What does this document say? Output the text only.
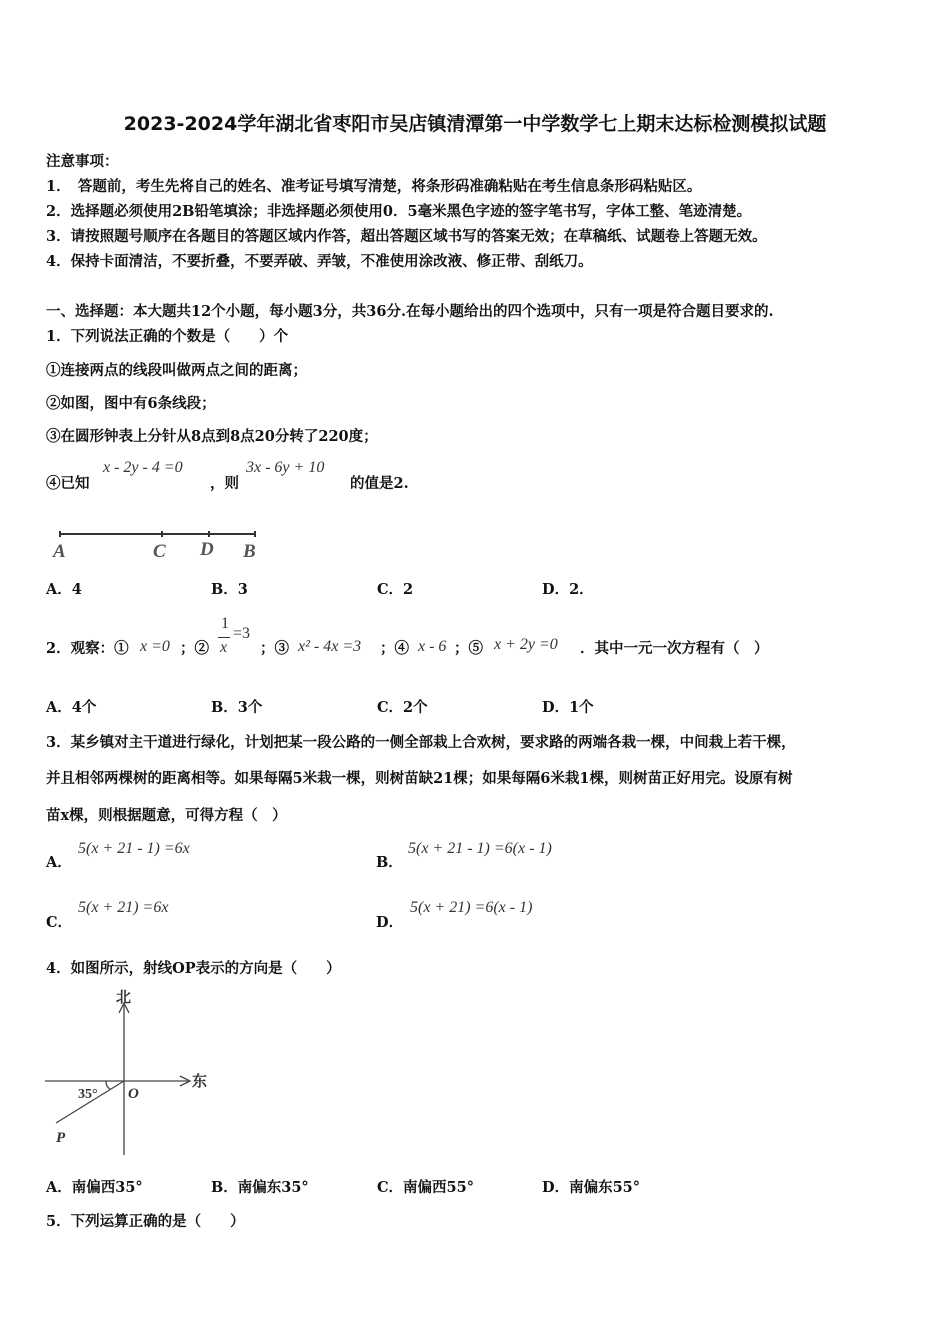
2023-2024学年湖北省枣阳市吴店镇清潭第一中学数学七上期末达标检测模拟试题
注意事项：
1．　答题前，考生先将自己的姓名、准考证号填写清楚，将条形码准确粘贴在考生信息条形码粘贴区。
2．选择题必须使用2B铅笔填涂；非选择题必须使用0．5毫米黑色字迹的签字笔书写，字体工整、笔迹清楚。
3．请按照题号顺序在各题目的答题区域内作答，超出答题区域书写的答案无效；在草稿纸、试题卷上答题无效。
4．保持卡面清洁，不要折叠，不要弄破、弄皱，不准使用涂改液、修正带、刮纸刀。
一、选择题：本大题共12个小题，每小题3分，共36分.在每小题给出的四个选项中，只有一项是符合题目要求的.
1．下列说法正确的个数是（　　）个
①连接两点的线段叫做两点之间的距离；
②如图，图中有6条线段；
③在圆形钟表上分针从8点到8点20分转了220度；
④已知
x - 2y - 4 =0
，则
3x - 6y + 10
的值是2.
A	C D B
A．4	B．3	C．2	D．2．
2．观察：① x =0 ；②
1
x
=3
；③ x² - 4x =3 ；④ x - 6 ；⑤ x + 2y =0 ．其中一元一次方程有（　）
A．4个	B．3个	C．2个	D．1个
3．某乡镇对主干道进行绿化，计划把某一段公路的一侧全部栽上合欢树，要求路的两端各栽一棵，中间栽上若干棵，
并且相邻两棵树的距离相等。如果每隔5米栽一棵，则树苗缺21棵；如果每隔6米栽1棵，则树苗正好用完。设原有树
苗x棵，则根据题意，可得方程（　）
A．
5(x + 21 - 1) =6x
B．
5(x + 21 - 1) =6(x - 1)
C．
5(x + 21) =6x
D．
5(x + 21) =6(x - 1)
4．如图所示，射线OP表示的方向是（　　）
北
东
35° O
P
A．南偏西35°	B．南偏东35°	C．南偏西55°	D．南偏东55°
5．下列运算正确的是（　　）
